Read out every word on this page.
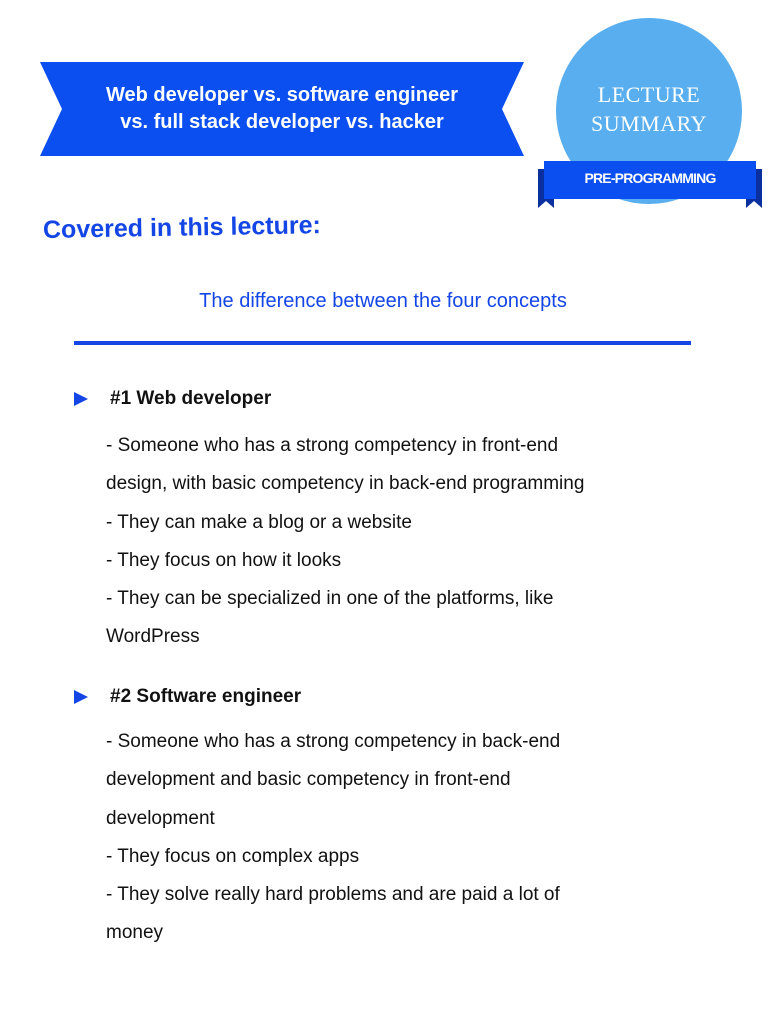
Web developer vs. software engineer
vs. full stack developer vs. hacker
LECTURE
SUMMARY
PRE-PROGRAMMING
Covered in this lecture:
The difference between the four concepts
#1 Web developer
- Someone who has a strong competency in front-end
design, with basic competency in back-end programming
- They can make a blog or a website
- They focus on how it looks
- They can be specialized in one of the platforms, like
WordPress
#2 Software engineer
- Someone who has a strong competency in back-end
development and basic competency in front-end
development
- They focus on complex apps
- They solve really hard problems and are paid a lot of
money
